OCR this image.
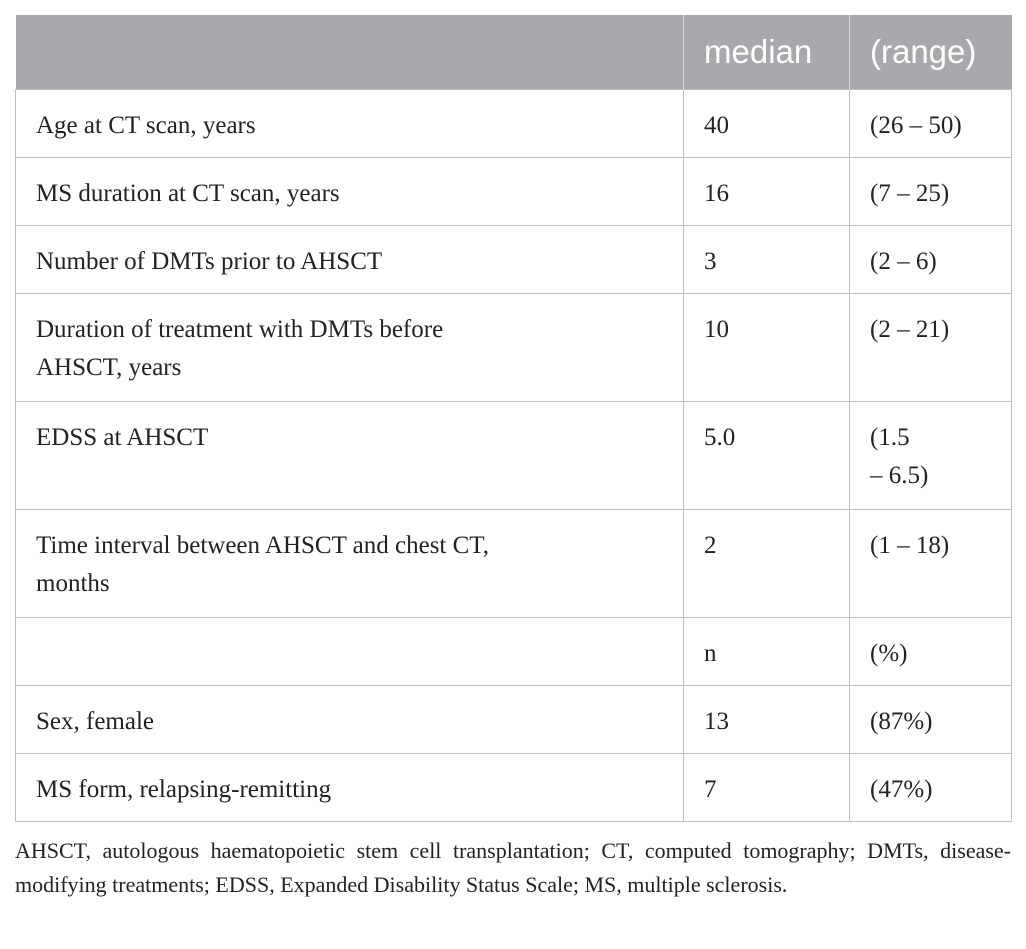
	median	(range)
Age at CT scan, years	40	(26 – 50)
MS duration at CT scan, years	16	(7 – 25)
Number of DMTs prior to AHSCT	3	(2 – 6)
Duration of treatment with DMTs before AHSCT, years	10	(2 – 21)
EDSS at AHSCT	5.0	(1.5
– 6.5)

Time interval between AHSCT and chest CT, months	2	(1 – 18)
	n	(%)
Sex, female	13	(87%)
MS form, relapsing-remitting	7	(47%)
AHSCT, autologous haematopoietic stem cell transplantation; CT, computed tomography; DMTs, disease-modifying treatments; EDSS, Expanded Disability Status Scale; MS, multiple sclerosis.
